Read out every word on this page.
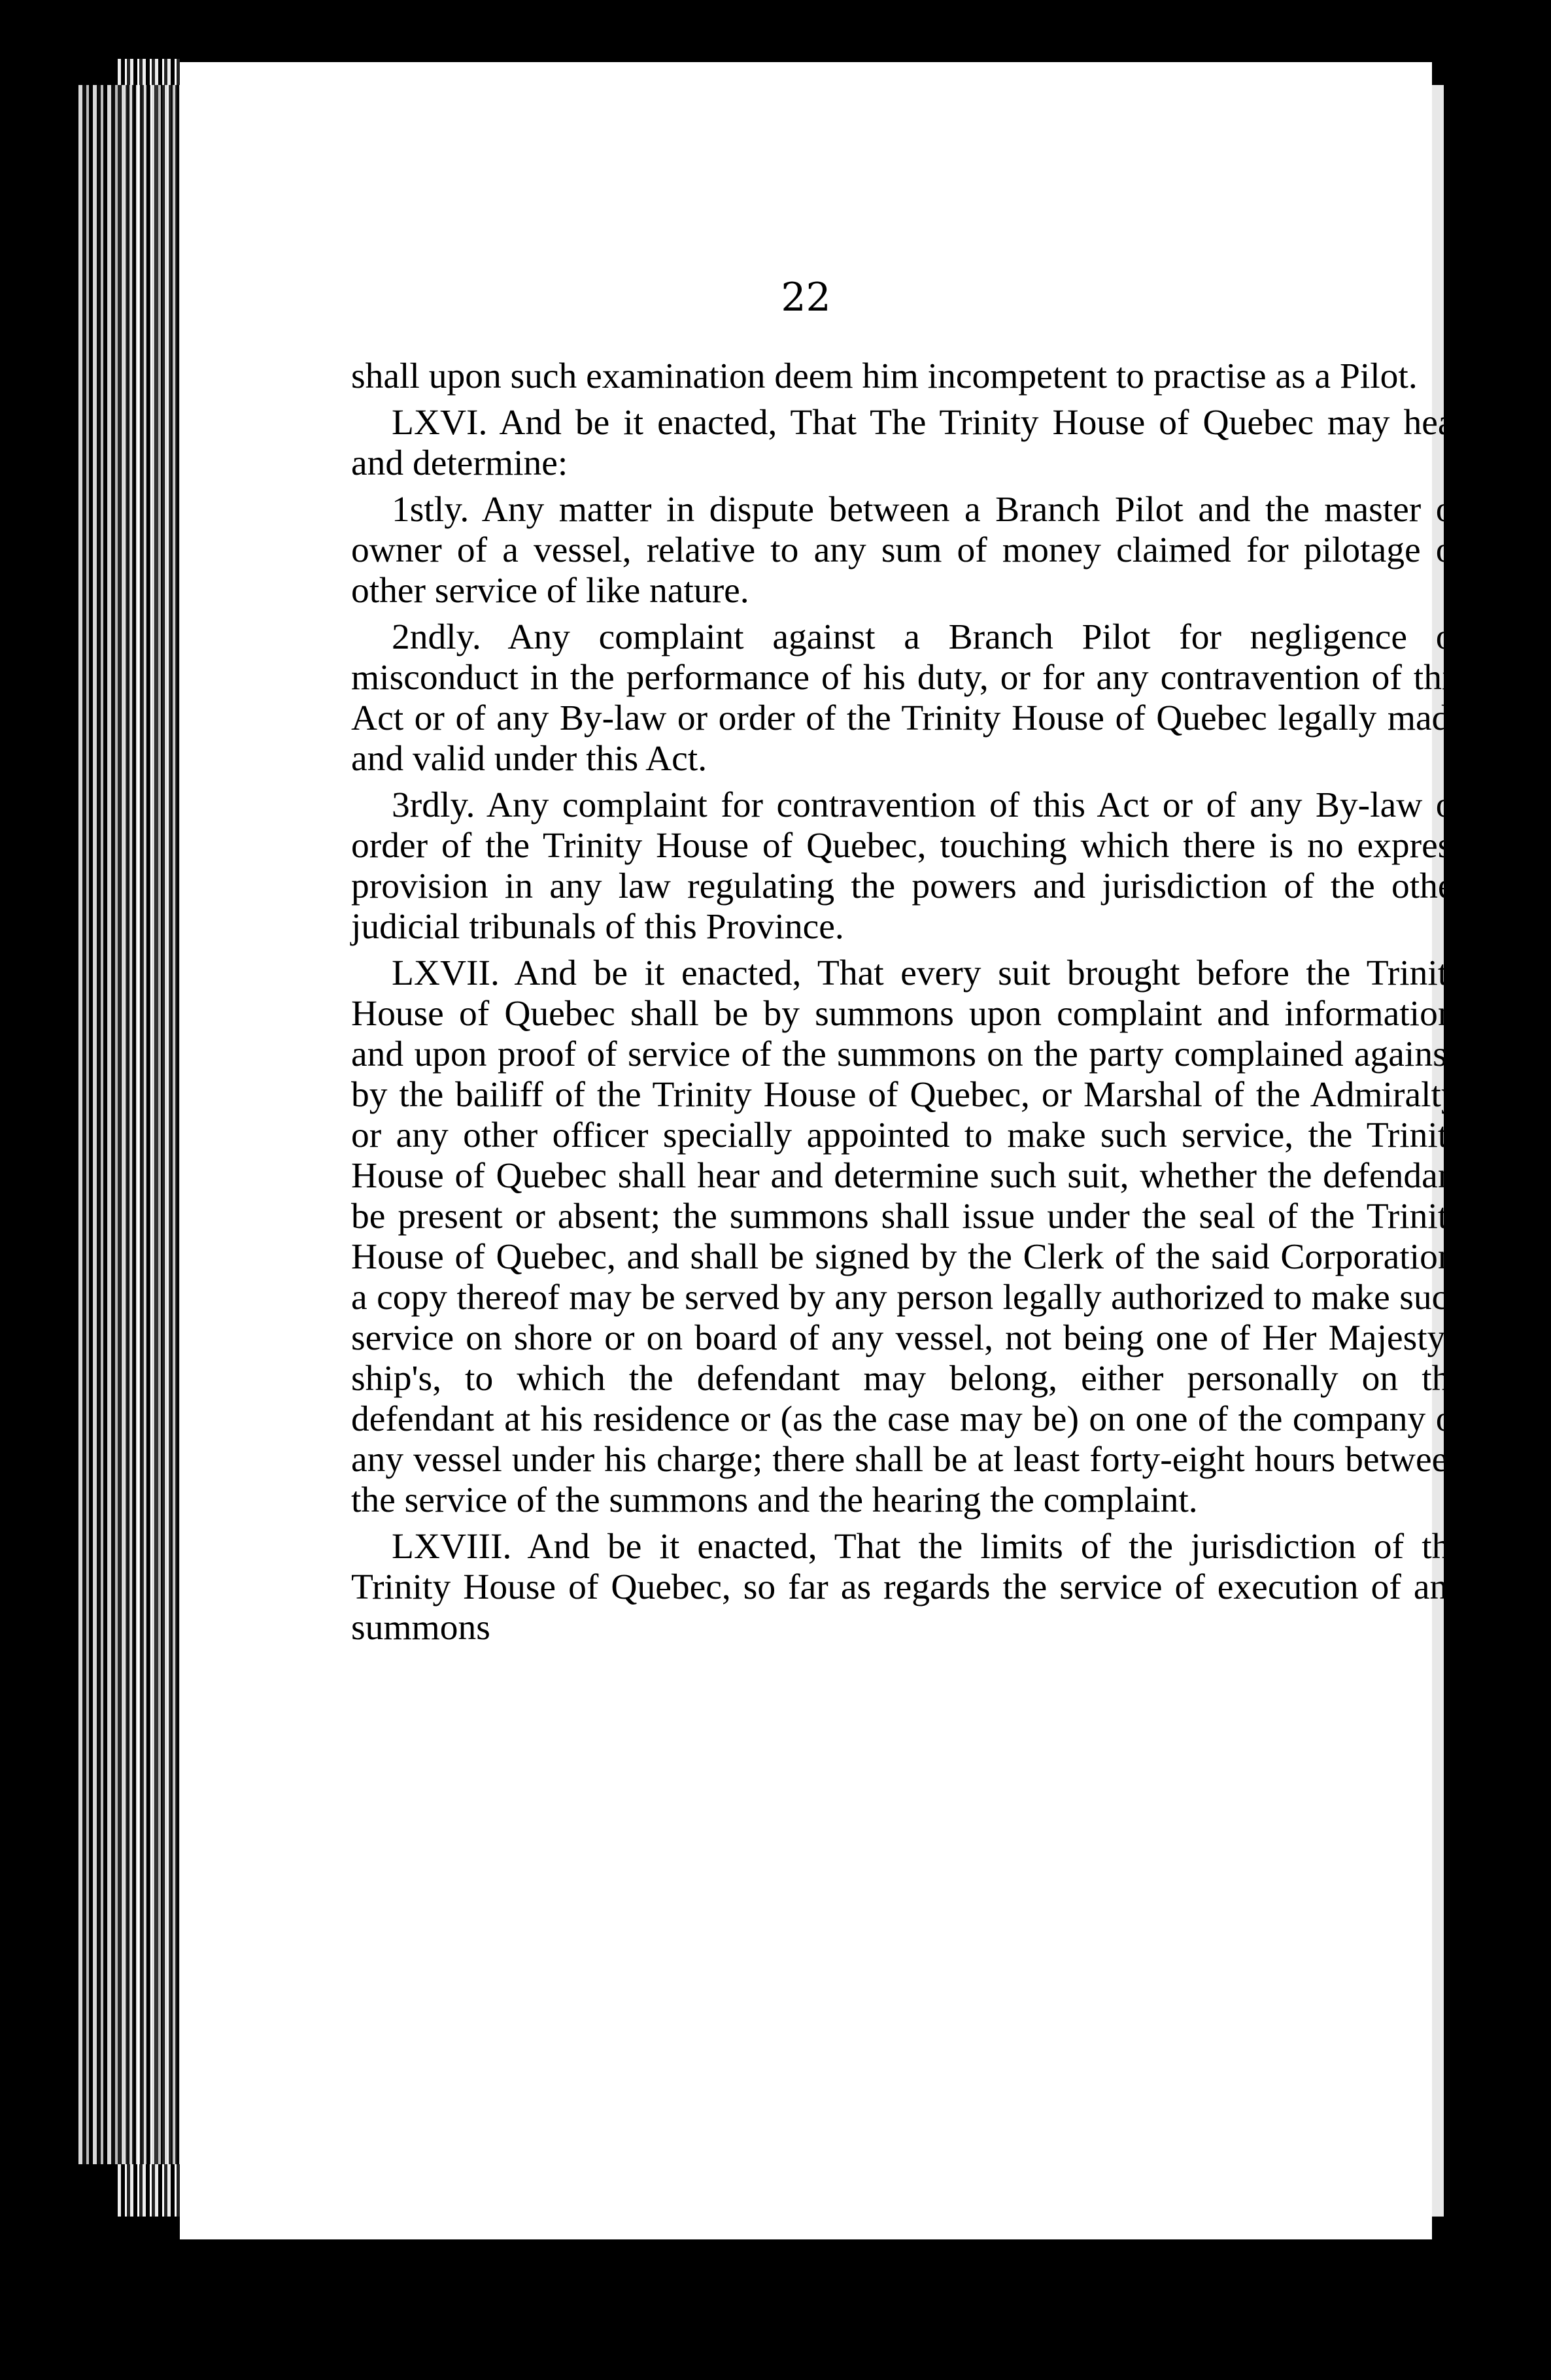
22

shall upon such examination deem him incompetent to practise as a Pilot.

LXVI. And be it enacted, That The Trinity House of Quebec may hear and determine:

1stly. Any matter in dispute between a Branch Pilot and the master or owner of a vessel, relative to any sum of money claimed for pilotage or other service of like nature.

2ndly. Any complaint against a Branch Pilot for negligence or misconduct in the performance of his duty, or for any contravention of this Act or of any By-law or order of the Trinity House of Quebec legally made and valid under this Act.

3rdly. Any complaint for contravention of this Act or of any By-law or order of the Trinity House of Quebec, touching which there is no express provision in any law regulating the powers and jurisdiction of the other judicial tribunals of this Province.

LXVII. And be it enacted, That every suit brought before the Trinity House of Quebec shall be by summons upon complaint and information; and upon proof of service of the summons on the party complained against, by the bailiff of the Trinity House of Quebec, or Marshal of the Admiralty, or any other officer specially appointed to make such service, the Trinity House of Quebec shall hear and determine such suit, whether the defendant be present or absent; the summons shall issue under the seal of the Trinity House of Quebec, and shall be signed by the Clerk of the said Corporation; a copy thereof may be served by any person legally authorized to make such service on shore or on board of any vessel, not being one of Her Majesty's ship's, to which the defendant may belong, either personally on the defendant at his residence or (as the case may be) on one of the company of any vessel under his charge; there shall be at least forty-eight hours between the service of the summons and the hearing the complaint.

LXVIII. And be it enacted, That the limits of the jurisdiction of the Trinity House of Quebec, so far as regards the service of execution of any summons
